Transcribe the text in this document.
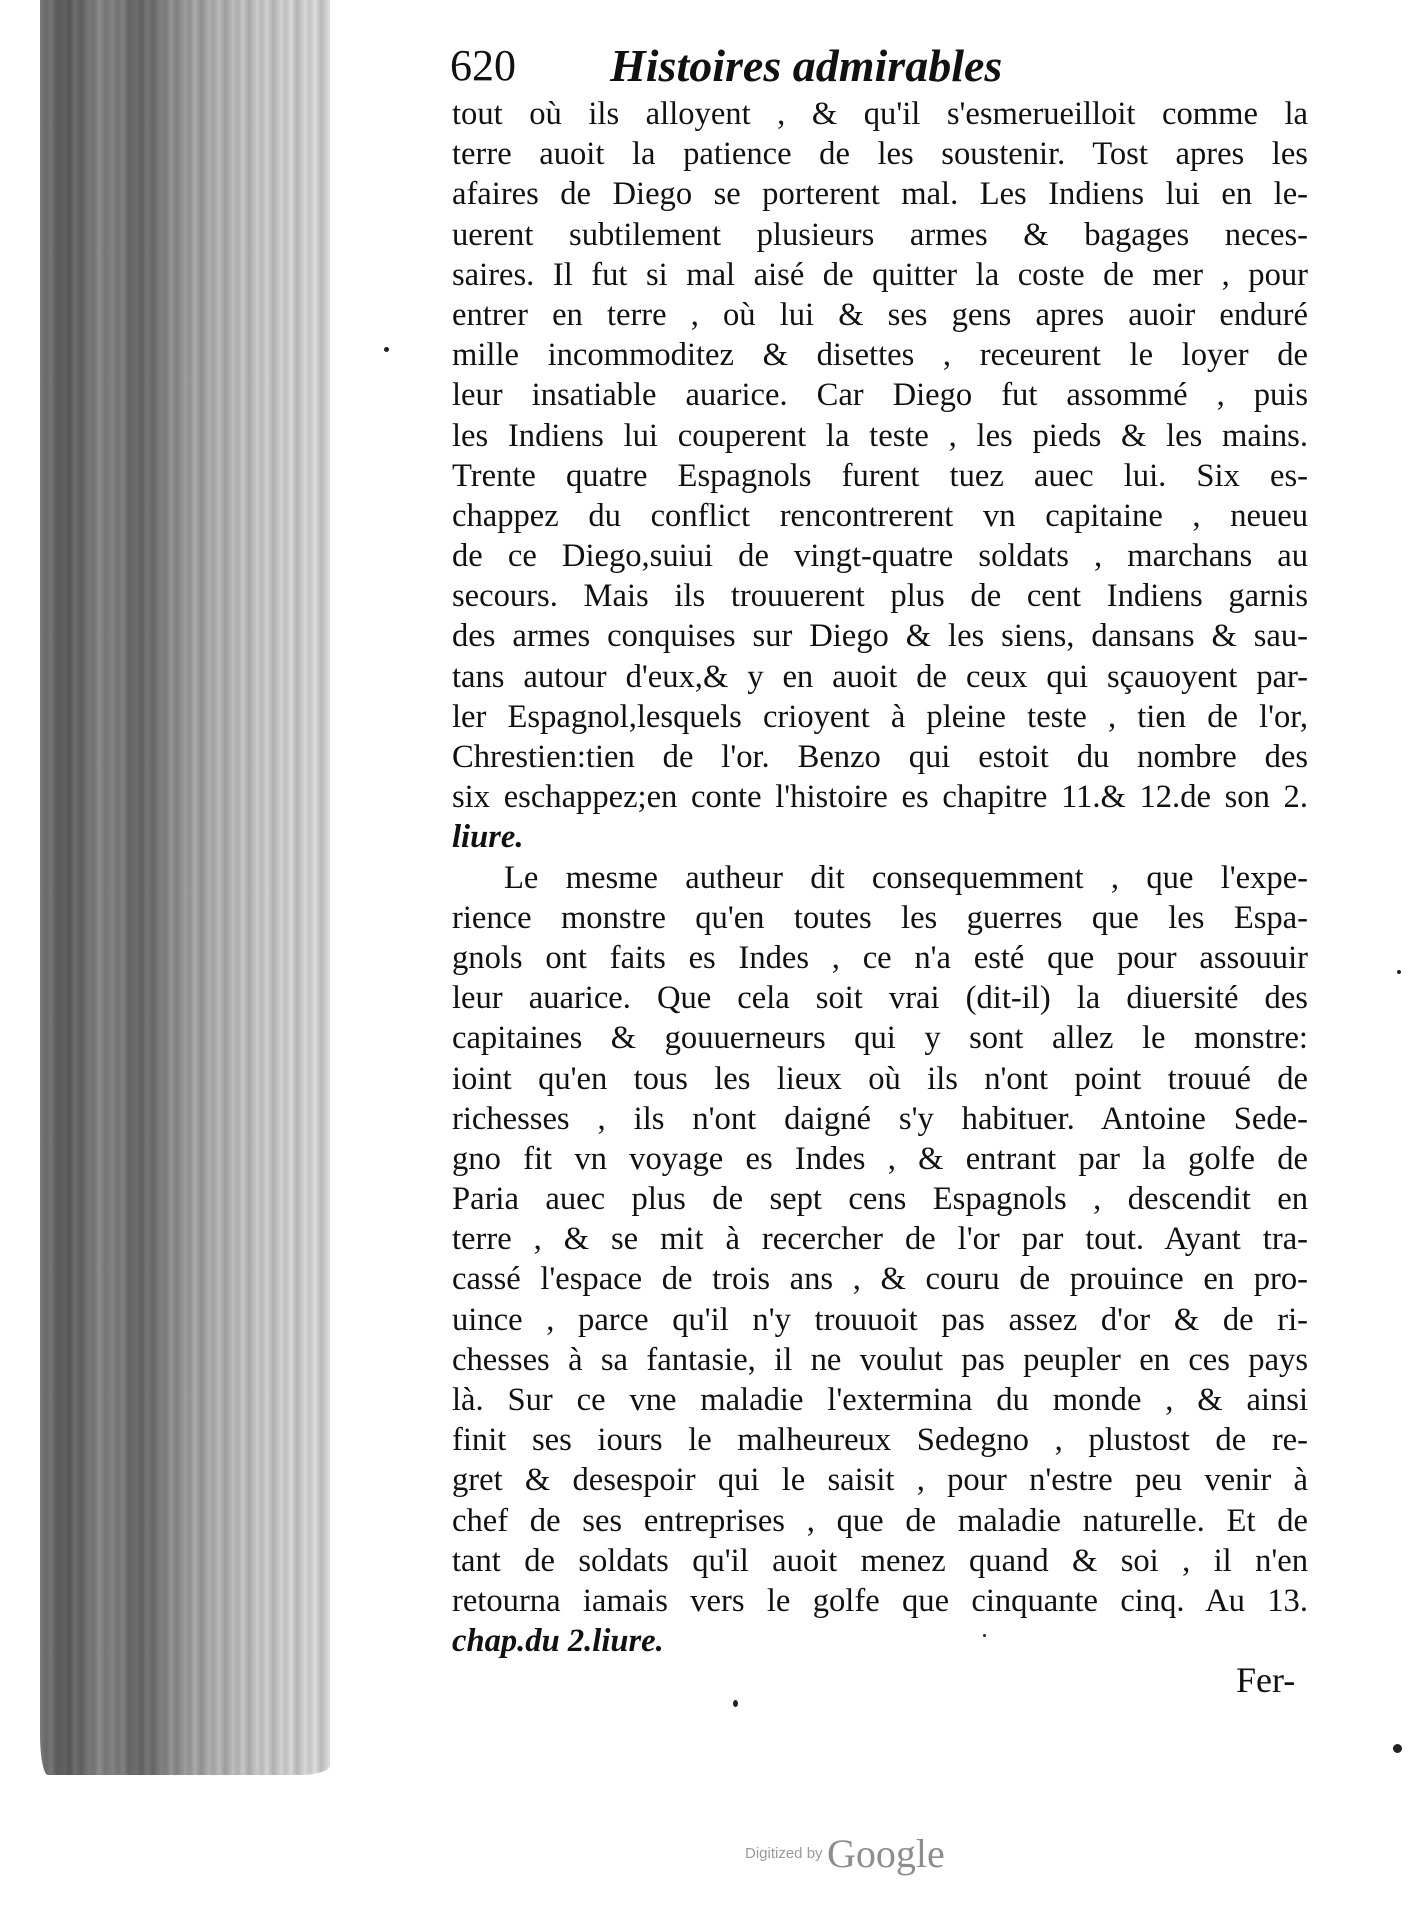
620 Histoires admirables
tout où ils alloyent , & qu'il s'esmerueilloit comme la
terre auoit la patience de les soustenir. Tost apres les
afaires de Diego se porterent mal. Les Indiens lui en le-
uerent subtilement plusieurs armes & bagages neces-
saires. Il fut si mal aisé de quitter la coste de mer , pour
entrer en terre , où lui & ses gens apres auoir enduré
mille incommoditez & disettes , receurent le loyer de
leur insatiable auarice. Car Diego fut assommé , puis
les Indiens lui couperent la teste , les pieds & les mains.
Trente quatre Espagnols furent tuez auec lui. Six es-
chappez du conflict rencontrerent vn capitaine , neueu
de ce Diego,suiui de vingt-quatre soldats , marchans au
secours. Mais ils trouuerent plus de cent Indiens garnis
des armes conquises sur Diego & les siens, dansans & sau-
tans autour d'eux,& y en auoit de ceux qui sçauoyent par-
ler Espagnol,lesquels crioyent à pleine teste , tien de l'or,
Chrestien:tien de l'or. Benzo qui estoit du nombre des
six eschappez;en conte l'histoire es chapitre 11.& 12.de son 2.
liure.
Le mesme autheur dit consequemment , que l'expe-
rience monstre qu'en toutes les guerres que les Espa-
gnols ont faits es Indes , ce n'a esté que pour assouuir
leur auarice. Que cela soit vrai (dit-il) la diuersité des
capitaines & gouuerneurs qui y sont allez le monstre:
ioint qu'en tous les lieux où ils n'ont point trouué de
richesses , ils n'ont daigné s'y habituer. Antoine Sede-
gno fit vn voyage es Indes , & entrant par la golfe de
Paria auec plus de sept cens Espagnols , descendit en
terre , & se mit à recercher de l'or par tout. Ayant tra-
cassé l'espace de trois ans , & couru de prouince en pro-
uince , parce qu'il n'y trouuoit pas assez d'or & de ri-
chesses à sa fantasie, il ne voulut pas peupler en ces pays
là. Sur ce vne maladie l'extermina du monde , & ainsi
finit ses iours le malheureux Sedegno , plustost de re-
gret & desespoir qui le saisit , pour n'estre peu venir à
chef de ses entreprises , que de maladie naturelle. Et de
tant de soldats qu'il auoit menez quand & soi , il n'en
retourna iamais vers le golfe que cinquante cinq. Au 13.
chap.du 2.liure.
Fer-
Digitized by Google
